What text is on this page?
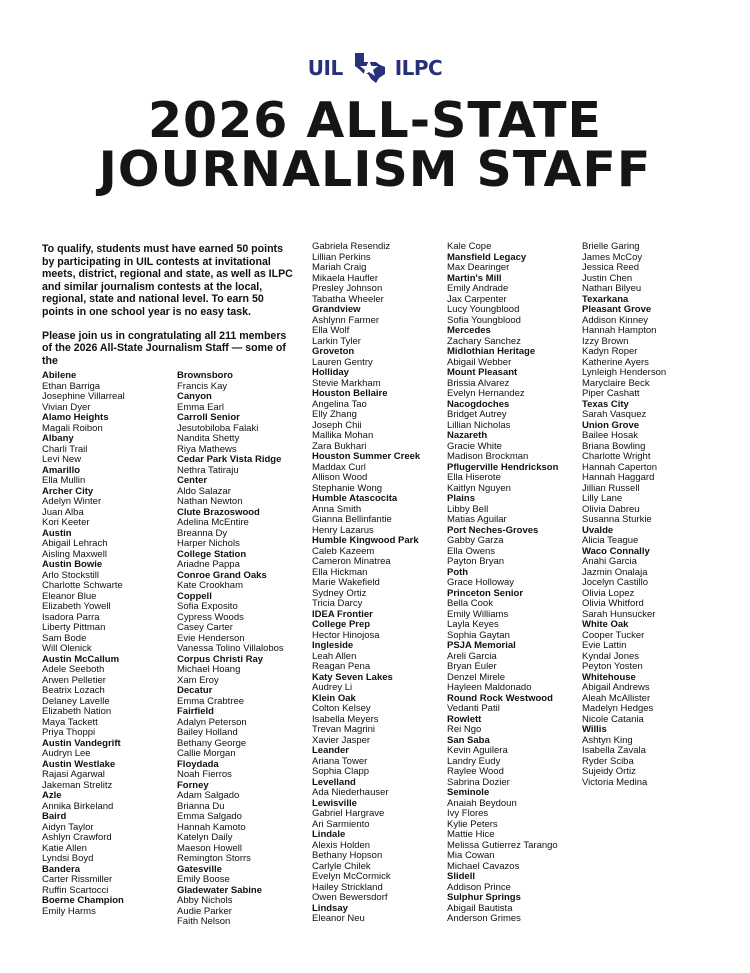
UIL	ILPC
2026 ALL-STATE
JOURNALISM STAFF

To qualify, students must have earned 50 points by participating in UIL contests at invitational meets, district, regional and state, as well as ILPC and similar journalism contests at the local, regional, state and national level. To earn 50 points in one school year is no easy task.

Please join us in congratulating all 211 members of the 2026 All-State Journalism Staff — some of the

Abilene
Ethan Barriga
Josephine Villarreal
Vivian Dyer
Alamo Heights
Magali Roibon
Albany
Charli Trail
Levi New
Amarillo
Ella Mullin
Archer City
Adelyn Winter
Juan Alba
Kori Keeter
Austin
Abigail Lehrach
Aisling Maxwell
Austin Bowie
Arlo Stockstill
Charlotte Schwarte
Eleanor Blue
Elizabeth Yowell
Isadora Parra
Liberty Pittman
Sam Bode
Will Olenick
Austin McCallum
Adele Seeboth
Arwen Pelletier
Beatrix Lozach
Delaney Lavelle
Elizabeth Nation
Maya Tackett
Priya Thoppi
Austin Vandegrift
Audryn Lee
Austin Westlake
Rajasi Agarwal
Jakeman Strelitz
Azle
Annika Birkeland
Baird
Aidyn Taylor
Ashlyn Crawford
Katie Allen
Lyndsi Boyd
Bandera
Carter Rissmiller
Ruffin Scartocci
Boerne Champion
Emily Harms
Brownsboro
Francis Kay
Canyon
Emma Earl
Carroll Senior
Jesutobiloba Falaki
Nandita Shetty
Riya Mathews
Cedar Park Vista Ridge
Nethra Tatiraju
Center
Aldo Salazar
Nathan Newton
Clute Brazoswood
Adelina McEntire
Breanna Dy
Harper Nichols
College Station
Ariadne Pappa
Conroe Grand Oaks
Kate Crookham
Coppell
Sofia Exposito
Cypress Woods
Casey Carter
Evie Henderson
Vanessa Tolino Villalobos
Corpus Christi Ray
Michael Hoang
Xam Eroy
Decatur
Emma Crabtree
Fairfield
Adalyn Peterson
Bailey Holland
Bethany George
Callie Morgan
Floydada
Noah Fierros
Forney
Adam Salgado
Brianna Du
Emma Salgado
Hannah Kamoto
Katelyn Daily
Maeson Howell
Remington Storrs
Gatesville
Emily Boose
Gladewater Sabine
Abby Nichols
Audie Parker
Faith Nelson
Gabriela Resendiz
Lillian Perkins
Mariah Craig
Mikaela Haufler
Presley Johnson
Tabatha Wheeler
Grandview
Ashlynn Farmer
Ella Wolf
Larkin Tyler
Groveton
Lauren Gentry
Holliday
Stevie Markham
Houston Bellaire
Angelina Tao
Elly Zhang
Joseph Chii
Mallika Mohan
Zara Bukhari
Houston Summer Creek
Maddax Curl
Allison Wood
Stephanie Wong
Humble Atascocita
Anna Smith
Gianna Bellinfantie
Henry Lazarus
Humble Kingwood Park
Caleb Kazeem
Cameron Minatrea
Ella Hickman
Marie Wakefield
Sydney Ortiz
Tricia Darcy
IDEA Frontier
College Prep
Hector Hinojosa
Ingleside
Leah Allen
Reagan Pena
Katy Seven Lakes
Audrey Li
Klein Oak
Colton Kelsey
Isabella Meyers
Trevan Magrini
Xavier Jasper
Leander
Ariana Tower
Sophia Clapp
Levelland
Ada Niederhauser
Lewisville
Gabriel Hargrave
Ari Sarmiento
Lindale
Alexis Holden
Bethany Hopson
Carlyle Chilek
Evelyn McCormick
Hailey Strickland
Owen Bewersdorf
Lindsay
Eleanor Neu
Kale Cope
Mansfield Legacy
Max Dearinger
Martin's Mill
Emily Andrade
Jax Carpenter
Lucy Youngblood
Sofia Youngblood
Mercedes
Zachary Sanchez
Midlothian Heritage
Abigail Webber
Mount Pleasant
Brissia Alvarez
Evelyn Hernandez
Nacogdoches
Bridget Autrey
Lillian Nicholas
Nazareth
Gracie White
Madison Brockman
Pflugerville Hendrickson
Ella Hiserote
Kaitlyn Nguyen
Plains
Libby Bell
Matias Aguilar
Port Neches-Groves
Gabby Garza
Ella Owens
Payton Bryan
Poth
Grace Holloway
Princeton Senior
Bella Cook
Emily Williams
Layla Keyes
Sophia Gaytan
PSJA Memorial
Areli Garcia
Bryan Euler
Denzel Mirele
Hayleen Maldonado
Round Rock Westwood
Vedanti Patil
Rowlett
Rei Ngo
San Saba
Kevin Aguilera
Landry Eudy
Raylee Wood
Sabrina Dozier
Seminole
Anaiah Beydoun
Ivy Flores
Kylie Peters
Mattie Hice
Melissa Gutierrez Tarango
Mia Cowan
Michael Cavazos
Slidell
Addison Prince
Sulphur Springs
Abigail Bautista
Anderson Grimes
Brielle Garing
James McCoy
Jessica Reed
Justin Chen
Nathan Bilyeu
Texarkana
Pleasant Grove
Addison Kinney
Hannah Hampton
Izzy Brown
Kadyn Roper
Katherine Ayers
Lynleigh Henderson
Maryclaire Beck
Piper Cashatt
Texas City
Sarah Vasquez
Union Grove
Bailee Hosak
Briana Bowling
Charlotte Wright
Hannah Caperton
Hannah Haggard
Jillian Russell
Lilly Lane
Olivia Dabreu
Susanna Sturkie
Uvalde
Alicia Teague
Waco Connally
Anahi Garcia
Jazmin Onalaja
Jocelyn Castillo
Olivia Lopez
Olivia Whitford
Sarah Hunsucker
White Oak
Cooper Tucker
Evie Lattin
Kyndal Jones
Peyton Yosten
Whitehouse
Abigail Andrews
Aleah McAllister
Madelyn Hedges
Nicole Catania
Willis
Ashtyn King
Isabella Zavala
Ryder Sciba
Sujeidy Ortiz
Victoria Medina
